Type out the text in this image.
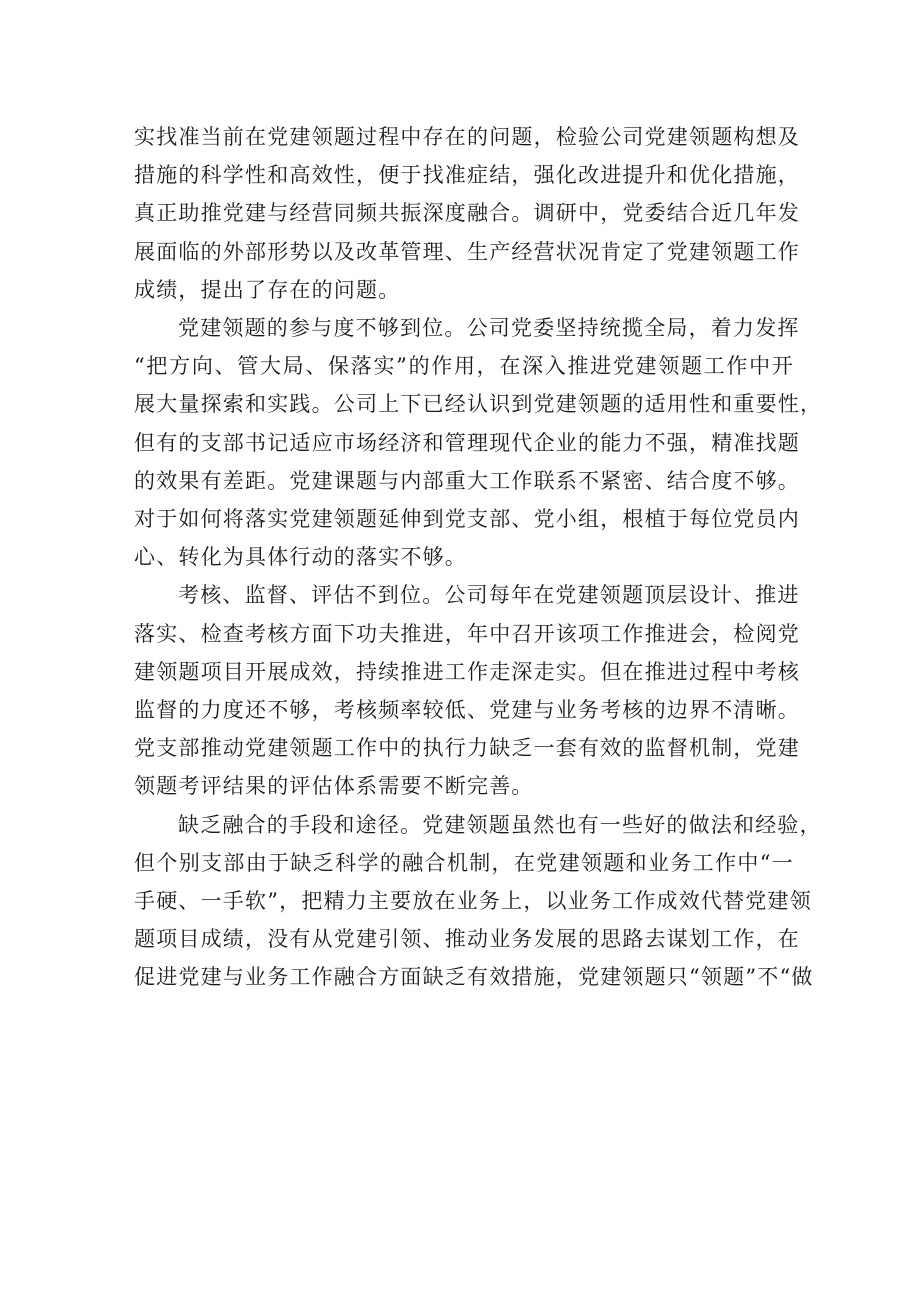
实找准当前在党建领题过程中存在的问题，检验公司党建领题构想及
措施的科学性和高效性，便于找准症结，强化改进提升和优化措施，
真正助推党建与经营同频共振深度融合。调研中，党委结合近几年发
展面临的外部形势以及改革管理、生产经营状况肯定了党建领题工作
成绩，提出了存在的问题。
党建领题的参与度不够到位。公司党委坚持统揽全局，着力发挥
“把方向、管大局、保落实”的作用，在深入推进党建领题工作中开
展大量探索和实践。公司上下已经认识到党建领题的适用性和重要性，
但有的支部书记适应市场经济和管理现代企业的能力不强，精准找题
的效果有差距。党建课题与内部重大工作联系不紧密、结合度不够。
对于如何将落实党建领题延伸到党支部、党小组，根植于每位党员内
心、转化为具体行动的落实不够。
考核、监督、评估不到位。公司每年在党建领题顶层设计、推进
落实、检查考核方面下功夫推进，年中召开该项工作推进会，检阅党
建领题项目开展成效，持续推进工作走深走实。但在推进过程中考核
监督的力度还不够，考核频率较低、党建与业务考核的边界不清晰。
党支部推动党建领题工作中的执行力缺乏一套有效的监督机制，党建
领题考评结果的评估体系需要不断完善。
缺乏融合的手段和途径。党建领题虽然也有一些好的做法和经验，
但个别支部由于缺乏科学的融合机制，在党建领题和业务工作中“一
手硬、一手软”，把精力主要放在业务上，以业务工作成效代替党建领
题项目成绩，没有从党建引领、推动业务发展的思路去谋划工作，在
促进党建与业务工作融合方面缺乏有效措施，党建领题只“领题”不“做
